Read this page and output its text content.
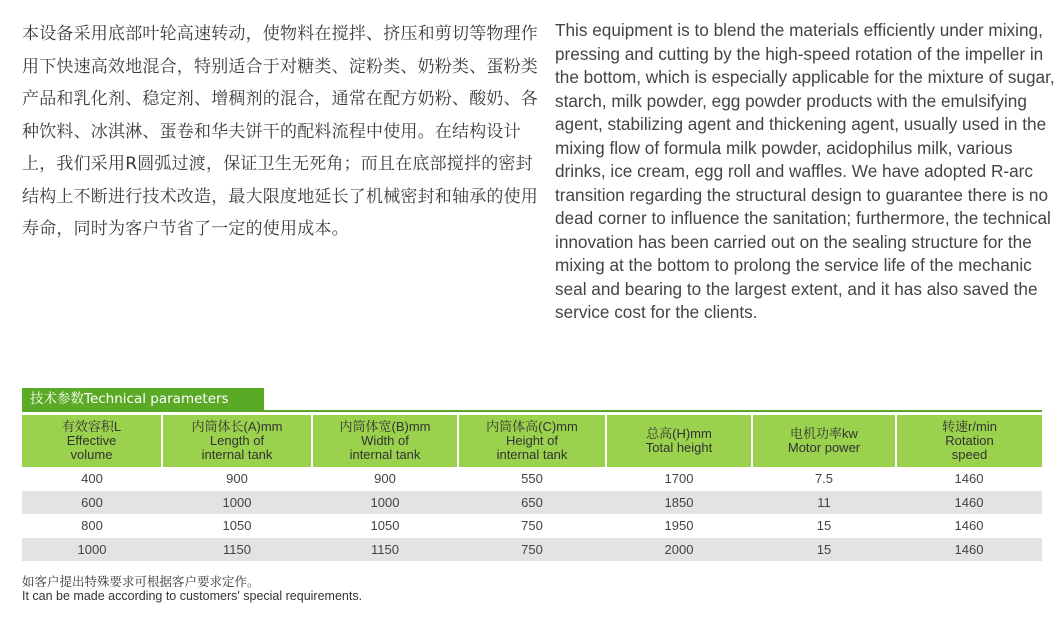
本设备采用底部叶轮高速转动，使物料在搅拌、挤压和剪切等物理作用下快速高效地混合，特别适合于对糖类、淀粉类、奶粉类、蛋粉类产品和乳化剂、稳定剂、增稠剂的混合，通常在配方奶粉、酸奶、各种饮料、冰淇淋、蛋卷和华夫饼干的配料流程中使用。在结构设计上，我们采用R圆弧过渡，保证卫生无死角；而且在底部搅拌的密封结构上不断进行技术改造，最大限度地延长了机械密封和轴承的使用寿命，同时为客户节省了一定的使用成本。
This equipment is to blend the materials efficiently under mixing, pressing and cutting by the high-speed rotation of the impeller in the bottom, which is especially applicable for the mixture of sugar, starch, milk powder, egg powder products with the emulsifying agent, stabilizing agent and thickening agent, usually used in the mixing flow of formula milk powder, acidophilus milk, various drinks, ice cream, egg roll and waffles. We have adopted R-arc transition regarding the structural design to guarantee there is no dead corner to influence the sanitation; furthermore, the technical innovation has been carried out on the sealing structure for the mixing at the bottom to prolong the service life of the mechanic seal and bearing to the largest extent, and it has also saved the service cost for the clients.
技术参数Technical parameters
有效容积L
Effective
volume	内筒体长(A)mm
Length of
internal tank	内筒体宽(B)mm
Width of
internal tank	内筒体高(C)mm
Height of
internal tank	总高(H)mm
Total height	电机功率kw
Motor power	转速r/min
Rotation
speed

400	900	900	550	1700	7.5	1460
600	1000	1000	650	1850	11	1460
800	1050	1050	750	1950	15	1460
1000	1150	1150	750	2000	15	1460
如客户提出特殊要求可根据客户要求定作。
It can be made according to customers' special requirements.
